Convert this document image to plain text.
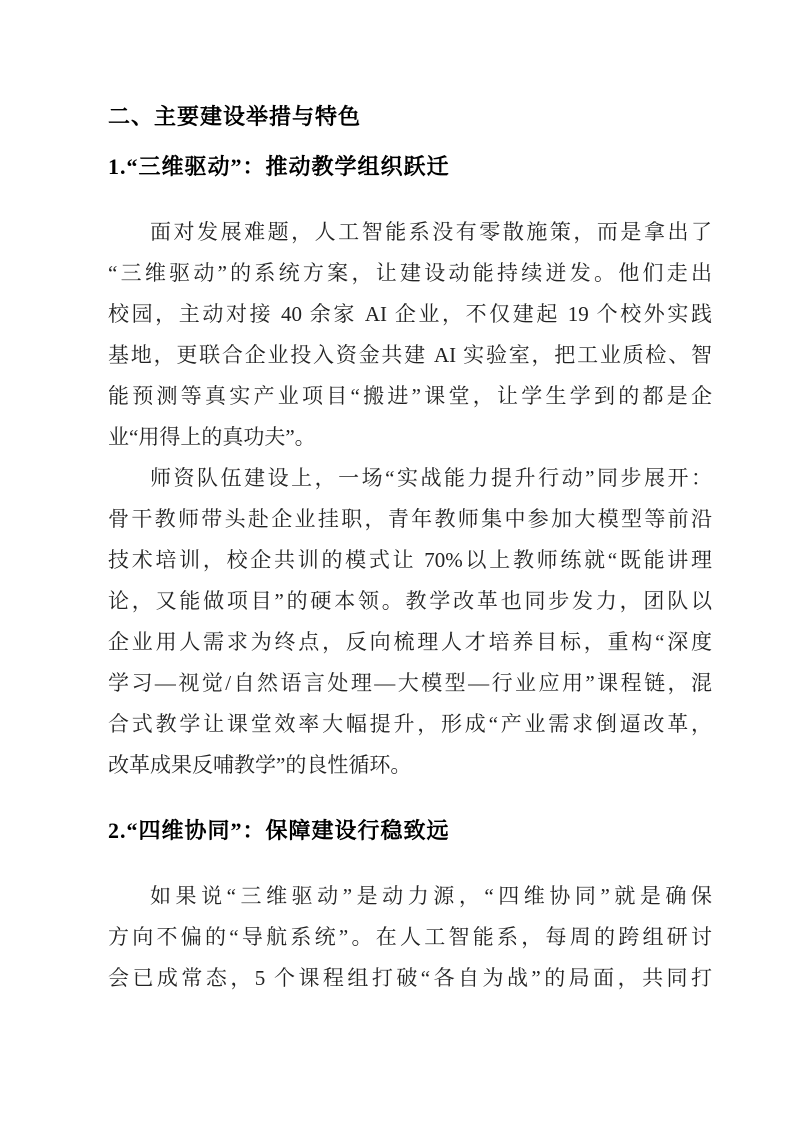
二、主要建设举措与特色
1.“三维驱动”：推动教学组织跃迁
面对发展难题，人工智能系没有零散施策，而是拿出了
“三维驱动”的系统方案，让建设动能持续迸发。他们走出
校园，主动对接 40 余家 AI 企业，不仅建起 19 个校外实践
基地，更联合企业投入资金共建 AI 实验室，把工业质检、智
能预测等真实产业项目“搬进”课堂，让学生学到的都是企
业“用得上的真功夫”。
师资队伍建设上，一场“实战能力提升行动”同步展开：
骨干教师带头赴企业挂职，青年教师集中参加大模型等前沿
技术培训，校企共训的模式让 70%以上教师练就“既能讲理
论，又能做项目”的硬本领。教学改革也同步发力，团队以
企业用人需求为终点，反向梳理人才培养目标，重构“深度
学习—视觉/自然语言处理—大模型—行业应用”课程链，混
合式教学让课堂效率大幅提升，形成“产业需求倒逼改革，
改革成果反哺教学”的良性循环。
2.“四维协同”：保障建设行稳致远
如果说“三维驱动”是动力源，“四维协同”就是确保
方向不偏的“导航系统”。在人工智能系，每周的跨组研讨
会已成常态，5 个课程组打破“各自为战”的局面，共同打
